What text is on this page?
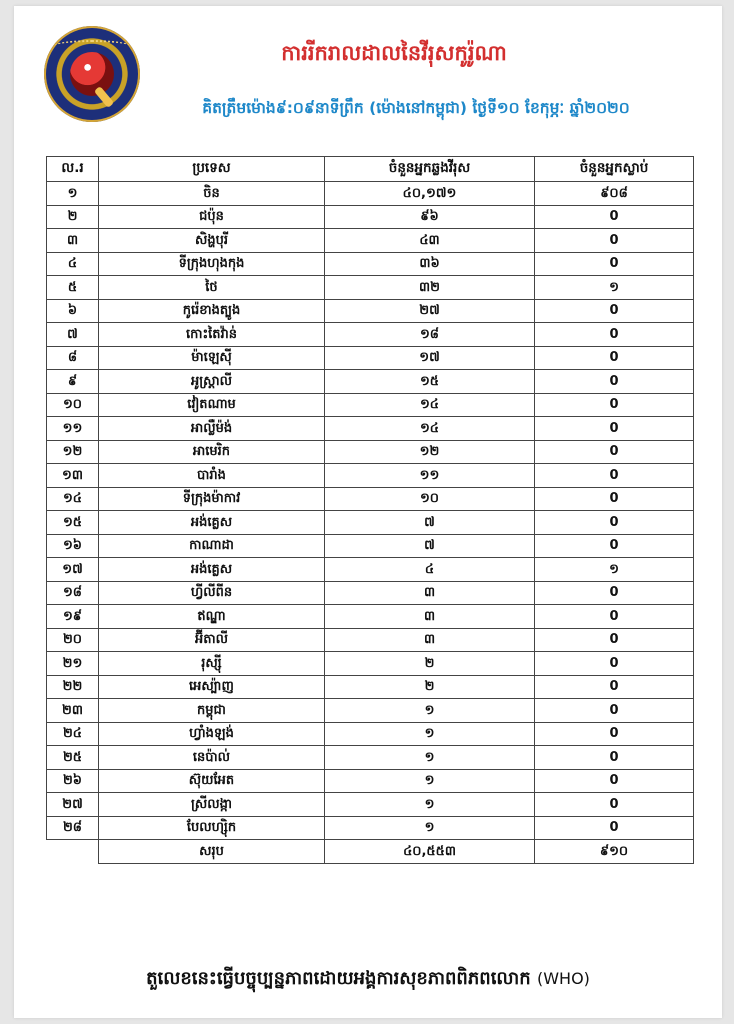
ការរីករាលដាលនៃវីរុសកូរ៉ូណា
គិតត្រឹមម៉ោង៩:០៩នាទីព្រឹក (ម៉ោងនៅកម្ពុជា) ថ្ងៃទី១០ ខែកុម្ភៈ ឆ្នាំ២០២០
ល.រ	ប្រទេស	ចំនួនអ្នកឆ្លងវីរុស	ចំនួនអ្នកស្លាប់
១	ចិន	៤០,១៧១	៩០៨
២	ជប៉ុន	៩៦	0
៣	សិង្ហបុរី	៤៣	0
៤	ទីក្រុងហុងកុង	៣៦	0
៥	ថៃ	៣២	១
៦	កូរ៉េខាងត្បូង	២៧	0
៧	កោះតៃវ៉ាន់	១៨	0
៨	ម៉ាឡេស៊ី	១៧	0
៩	អូស្ត្រាលី	១៥	0
១០	វៀតណាម	១៤	0
១១	អាល្លឺម៉ង់	១៤	0
១២	អាមេរិក	១២	0
១៣	បារាំង	១១	0
១៤	ទីក្រុងម៉ាកាវ	១០	0
១៥	អង់គ្លេស	៧	0
១៦	កាណាដា	៧	0
១៧	អង់គ្លេស	៤	១
១៨	ហ្វីលីពីន	៣	0
១៩	ឥណ្ឌា	៣	0
២០	អ៊ីតាលី	៣	0
២១	រុស្ស៊ី	២	0
២២	អេស្ប៉ាញ	២	0
២៣	កម្ពុជា	១	0
២៤	ហ្វាំងឡង់	១	0
២៥	នេប៉ាល់	១	0
២៦	ស៊ុយអែត	១	0
២៧	ស្រីលង្កា	១	0
២៨	បែលហ្ស៊ិក	១	0
	សរុប	៤០,៥៥៣	៩១០
តួលេខនេះធ្វើបច្ចុប្បន្នភាពដោយអង្គការសុខភាពពិភពលោក (WHO)
